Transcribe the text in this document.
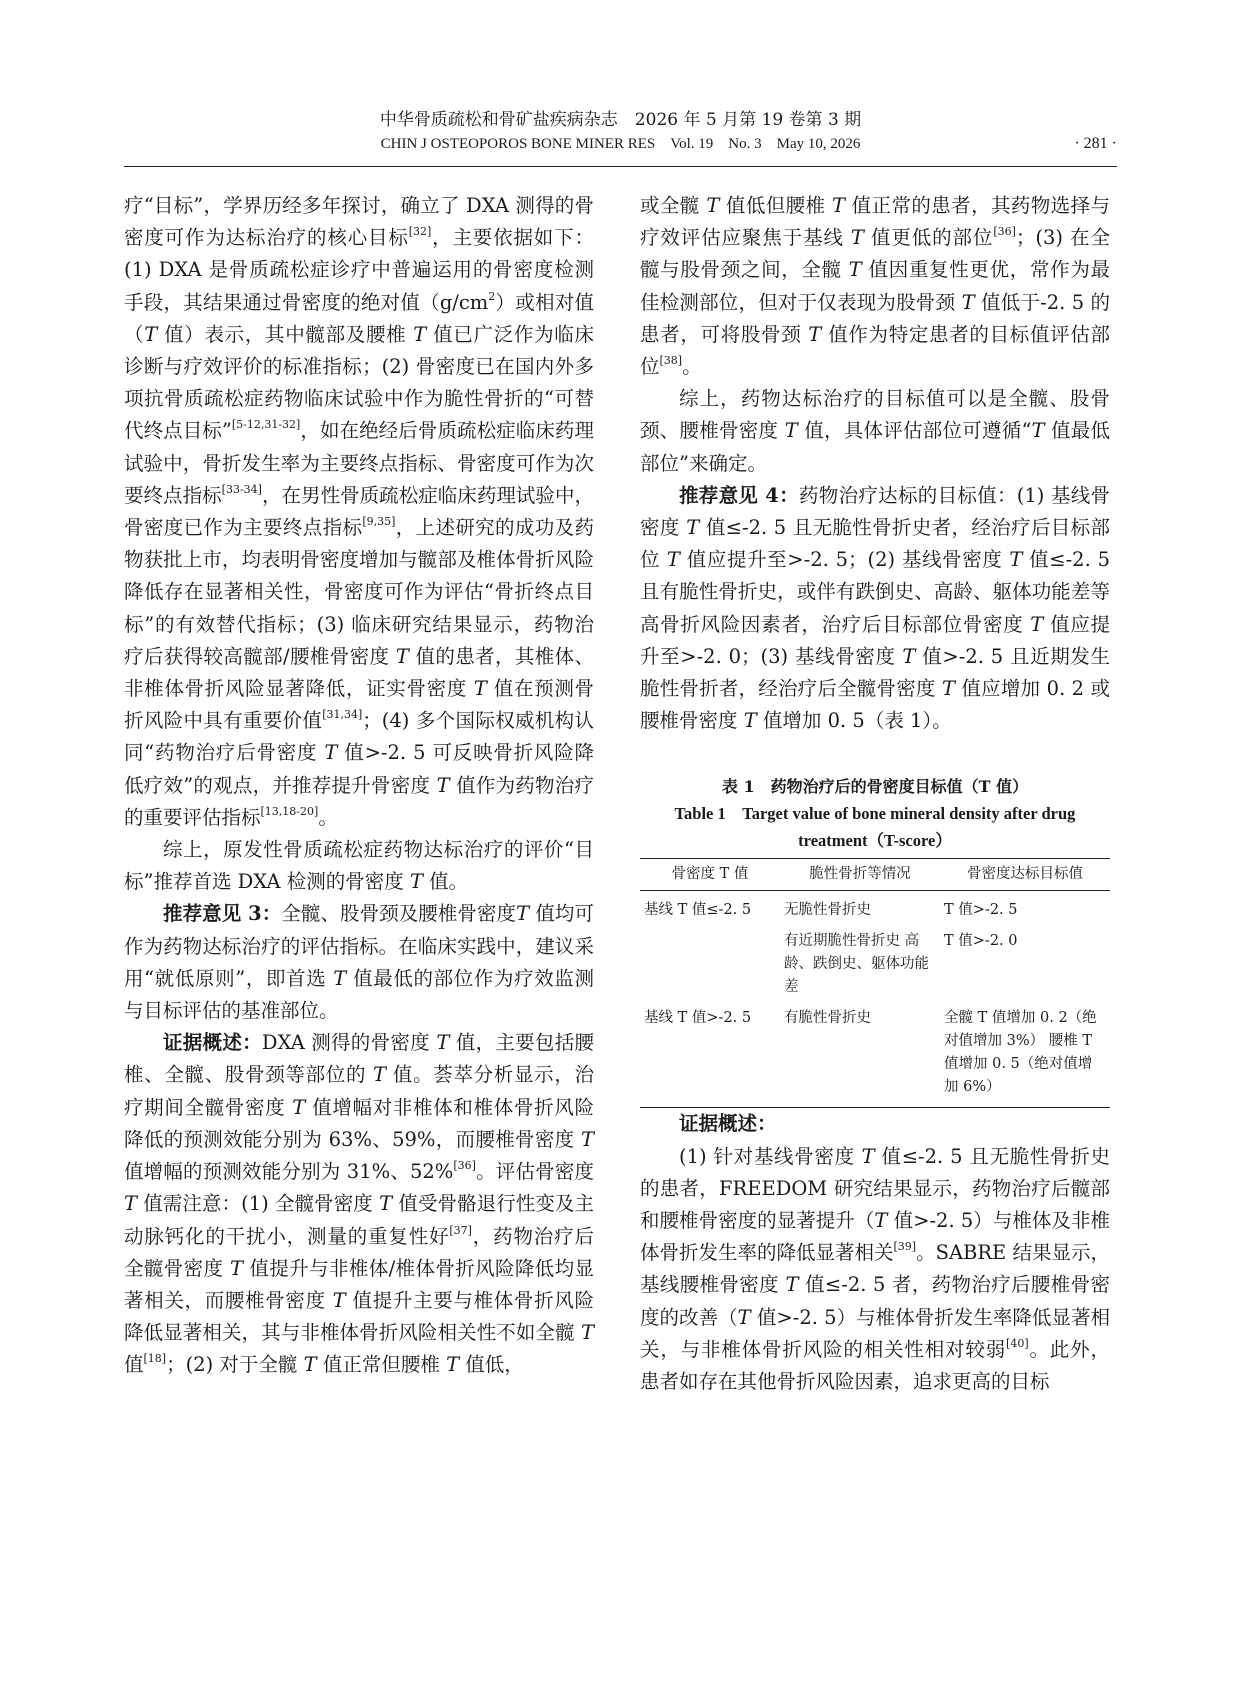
中华骨质疏松和骨矿盐疾病杂志　2026 年 5 月第 19 卷第 3 期
CHIN J OSTEOPOROS BONE MINER RES　Vol. 19　No. 3　May 10, 2026	· 281 ·

疗“目标”，学界历经多年探讨，确立了 DXA 测得的骨密度可作为达标治疗的核心目标[32]，主要依据如下：(1) DXA 是骨质疏松症诊疗中普遍运用的骨密度检测手段，其结果通过骨密度的绝对值$(g/cm^2)$或相对值（T 值）表示，其中髋部及腰椎 T 值已广泛作为临床诊断与疗效评价的标准指标；(2) 骨密度已在国内外多项抗骨质疏松症药物临床试验中作为脆性骨折的“可替代终点目标”[5-12,31-32]，如在绝经后骨质疏松症临床药理试验中，骨折发生率为主要终点指标、骨密度可作为次要终点指标[33-34]，在男性骨质疏松症临床药理试验中，骨密度已作为主要终点指标[9,35]，上述研究的成功及药物获批上市，均表明骨密度增加与髋部及椎体骨折风险降低存在显著相关性，骨密度可作为评估“骨折终点目标”的有效替代指标；(3) 临床研究结果显示，药物治疗后获得较高髋部/腰椎骨密度 T 值的患者，其椎体、非椎体骨折风险显著降低，证实骨密度 T 值在预测骨折风险中具有重要价值[31,34]；(4) 多个国际权威机构认同“药物治疗后骨密度 T 值>-2. 5 可反映骨折风险降低疗效”的观点，并推荐提升骨密度 T 值作为药物治疗的重要评估指标[13,18-20]。

综上，原发性骨质疏松症药物达标治疗的评价“目标”推荐首选 DXA 检测的骨密度 T 值。

推荐意见 3：全髋、股骨颈及腰椎骨密度T 值均可作为药物达标治疗的评估指标。在临床实践中，建议采用“就低原则”，即首选 T 值最低的部位作为疗效监测与目标评估的基准部位。

证据概述：DXA 测得的骨密度 T 值，主要包括腰椎、全髋、股骨颈等部位的 T 值。荟萃分析显示，治疗期间全髋骨密度 T 值增幅对非椎体和椎体骨折风险降低的预测效能分别为 63%、59%，而腰椎骨密度 T 值增幅的预测效能分别为 31%、52%[36]。评估骨密度 T 值需注意：(1) 全髋骨密度 T 值受骨骼退行性变及主动脉钙化的干扰小，测量的重复性好[37]，药物治疗后全髋骨密度 T 值提升与非椎体/椎体骨折风险降低均显著相关，而腰椎骨密度 T 值提升主要与椎体骨折风险降低显著相关，其与非椎体骨折风险相关性不如全髋 T 值[18]；(2) 对于全髋 T 值正常但腰椎 T 值低，

或全髋 T 值低但腰椎 T 值正常的患者，其药物选择与疗效评估应聚焦于基线 T 值更低的部位[36]；(3) 在全髋与股骨颈之间，全髋 T 值因重复性更优，常作为最佳检测部位，但对于仅表现为股骨颈 T 值低于-2. 5 的患者，可将股骨颈 T 值作为特定患者的目标值评估部位[38]。

综上，药物达标治疗的目标值可以是全髋、股骨颈、腰椎骨密度 T 值，具体评估部位可遵循“T 值最低部位”来确定。

推荐意见 4：药物治疗达标的目标值：(1) 基线骨密度 T 值≤-2. 5 且无脆性骨折史者，经治疗后目标部位 T 值应提升至>-2. 5；(2) 基线骨密度 T 值≤-2. 5 且有脆性骨折史，或伴有跌倒史、高龄、躯体功能差等高骨折风险因素者，治疗后目标部位骨密度 T 值应提升至>-2. 0；(3) 基线骨密度 T 值>-2. 5 且近期发生脆性骨折者，经治疗后全髋骨密度 T 值应增加 0. 2 或腰椎骨密度 T 值增加 0. 5（表 1）。

表 1　药物治疗后的骨密度目标值（T 值）

Table 1　Target value of bone mineral density after drug treatment（T-score）

骨密度 T 值	脆性骨折等情况	骨密度达标目标值
基线 T 值≤-2. 5	无脆性骨折史	T 值>-2. 5
	有近期脆性骨折史 高龄、跌倒史、躯体功能差	T 值>-2. 0
基线 T 值>-2. 5	有脆性骨折史	全髋 T 值增加 0. 2（绝对值增加 3%） 腰椎 T 值增加 0. 5（绝对值增加 6%）

证据概述：

(1) 针对基线骨密度 T 值≤-2. 5 且无脆性骨折史的患者，FREEDOM 研究结果显示，药物治疗后髋部和腰椎骨密度的显著提升（T 值>-2. 5）与椎体及非椎体骨折发生率的降低显著相关[39]。SABRE 结果显示，基线腰椎骨密度 T 值≤-2. 5 者，药物治疗后腰椎骨密度的改善（T 值>-2. 5）与椎体骨折发生率降低显著相关，与非椎体骨折风险的相关性相对较弱[40]。此外，患者如存在其他骨折风险因素，追求更高的目标
